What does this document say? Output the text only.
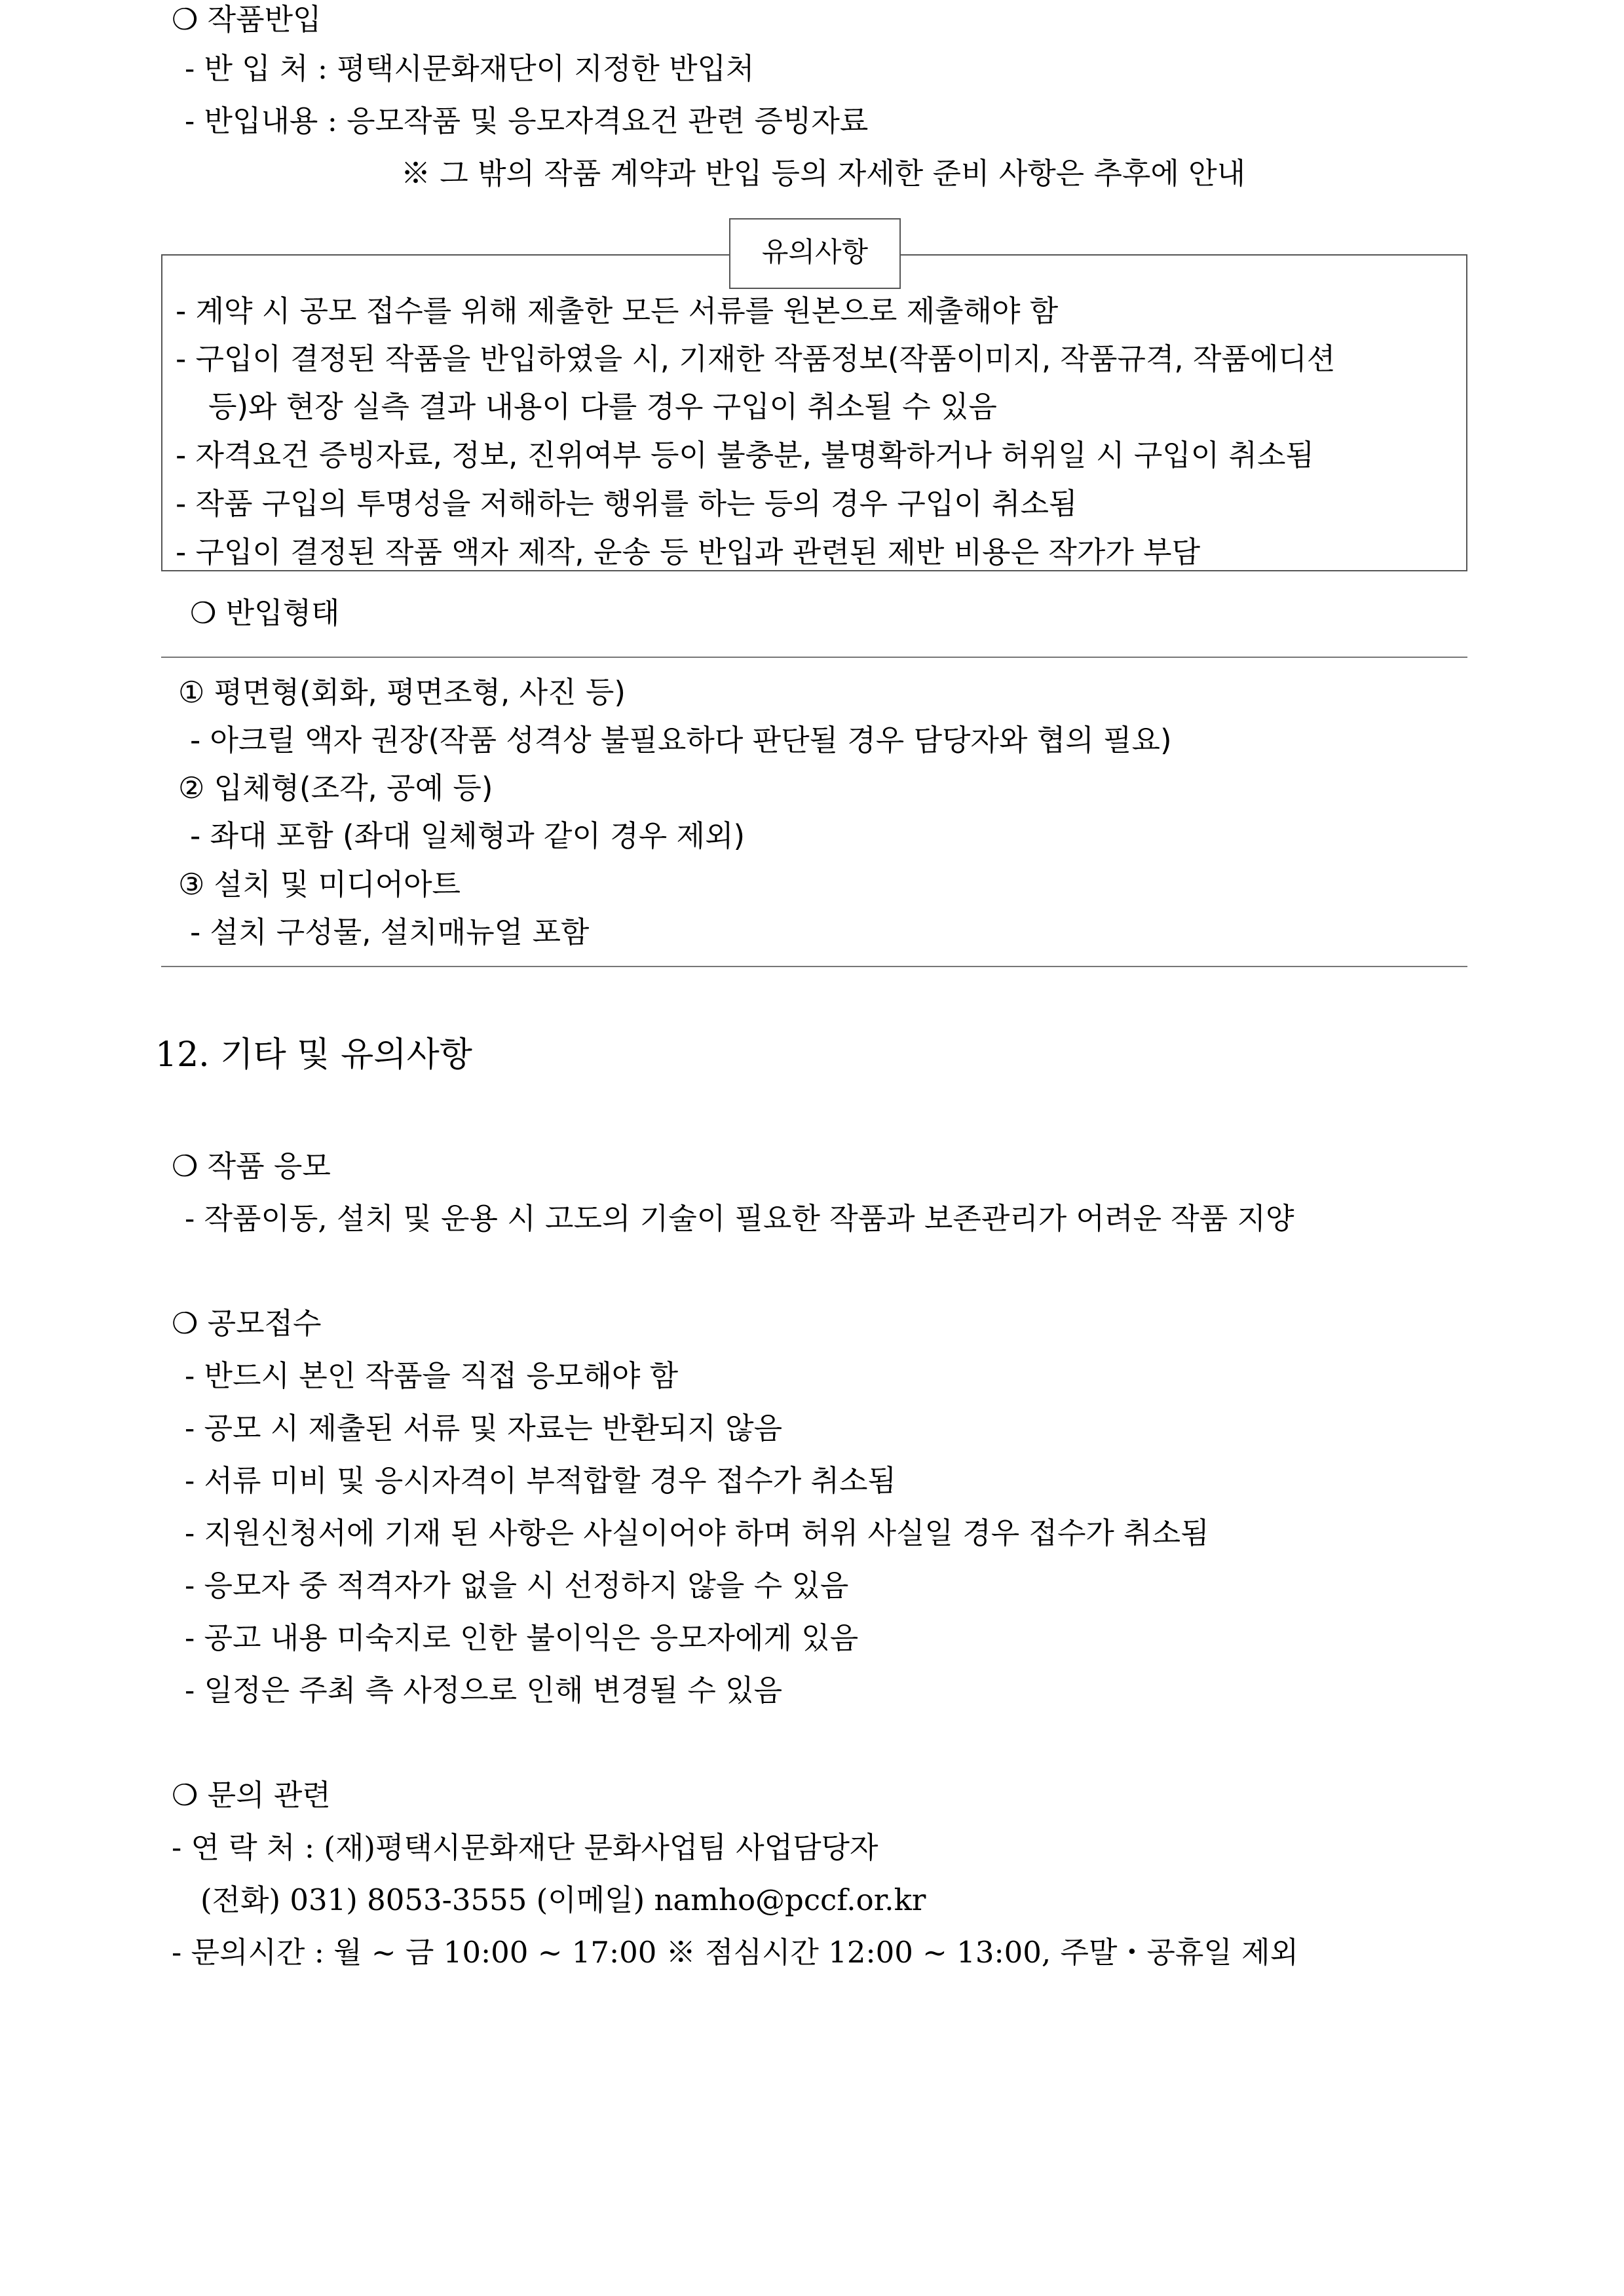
❍ 작품반입
- 반 입 처 : 평택시문화재단이 지정한 반입처
- 반입내용 : 응모작품 및 응모자격요건 관련 증빙자료
※ 그 밖의 작품 계약과 반입 등의 자세한 준비 사항은 추후에 안내
유의사항
- 계약 시 공모 접수를 위해 제출한 모든 서류를 원본으로 제출해야 함
- 구입이 결정된 작품을 반입하였을 시, 기재한 작품정보(작품이미지, 작품규격, 작품에디션
등)와 현장 실측 결과 내용이 다를 경우 구입이 취소될 수 있음
- 자격요건 증빙자료, 정보, 진위여부 등이 불충분, 불명확하거나 허위일 시 구입이 취소됨
- 작품 구입의 투명성을 저해하는 행위를 하는 등의 경우 구입이 취소됨
- 구입이 결정된 작품 액자 제작, 운송 등 반입과 관련된 제반 비용은 작가가 부담
❍ 반입형태
① 평면형(회화, 평면조형, 사진 등)
- 아크릴 액자 권장(작품 성격상 불필요하다 판단될 경우 담당자와 협의 필요)
② 입체형(조각, 공예 등)
- 좌대 포함 (좌대 일체형과 같이 경우 제외)
③ 설치 및 미디어아트
- 설치 구성물, 설치매뉴얼 포함
12. 기타 및 유의사항
❍ 작품 응모
- 작품이동, 설치 및 운용 시 고도의 기술이 필요한 작품과 보존관리가 어려운 작품 지양
❍ 공모접수
- 반드시 본인 작품을 직접 응모해야 함
- 공모 시 제출된 서류 및 자료는 반환되지 않음
- 서류 미비 및 응시자격이 부적합할 경우 접수가 취소됨
- 지원신청서에 기재 된 사항은 사실이어야 하며 허위 사실일 경우 접수가 취소됨
- 응모자 중 적격자가 없을 시 선정하지 않을 수 있음
- 공고 내용 미숙지로 인한 불이익은 응모자에게 있음
- 일정은 주최 측 사정으로 인해 변경될 수 있음
❍ 문의 관련
- 연 락 처 : (재)평택시문화재단 문화사업팀 사업담당자
(전화) 031) 8053-3555 (이메일) namho@pccf.or.kr
- 문의시간 : 월 ~ 금 10:00 ~ 17:00 ※ 점심시간 12:00 ~ 13:00, 주말・공휴일 제외
